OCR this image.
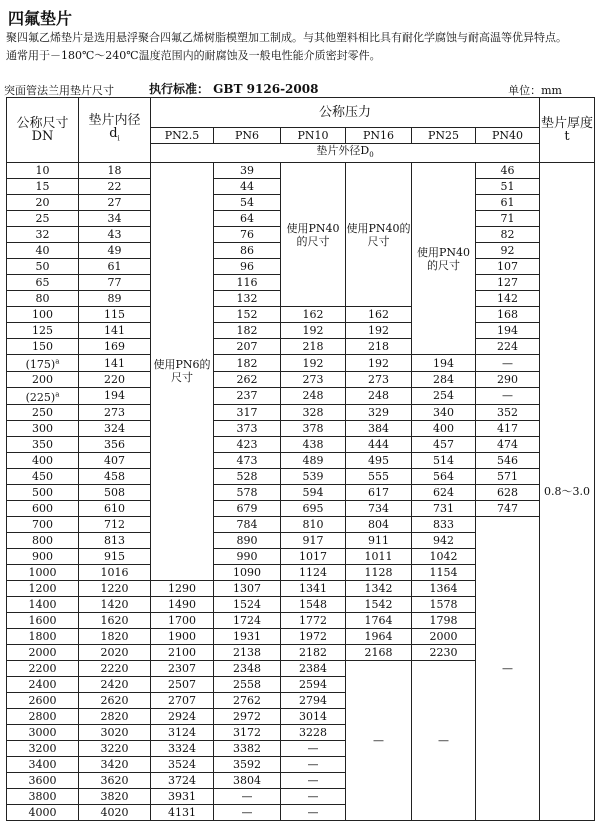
四氟垫片
聚四氟乙烯垫片是选用悬浮聚合四氟乙烯树脂模塑加工制成。与其他塑料相比具有耐化学腐蚀与耐高温等优异特点。
通常用于－180℃～240℃温度范围内的耐腐蚀及一般电性能介质密封零件。
突面管法兰用垫片尺寸	执行标准： GBT 9126-2008	单位：mm
公称尺寸
DN	垫片内径
$d_i$	公称压力						垫片厚度
t

		PN2.5	PN6	PN10	PN16	PN25	PN40	
		垫片外径$D_0$
10	18	使用PN6的尺寸	39	使用PN40的尺寸	使用PN40的尺寸	使用PN40的尺寸	46	0.8～3.0
15	22		44				51	
20	27		54				61	
25	34		64				71	
32	43		76				82	
40	49		86				92	
50	61		96				107	
65	77		116				127	
80	89		132				142	
100	115		152	162	162		168	
125	141		182	192	192		194	
150	169		207	218	218		224	
$(175)^a$	141		182	192	192	194	—	
200	220		262	273	273	284	290	
$(225)^a$	194		237	248	248	254	—	
250	273		317	328	329	340	352	
300	324		373	378	384	400	417	
350	356		423	438	444	457	474	
400	407		473	489	495	514	546	
450	458		528	539	555	564	571	
500	508		578	594	617	624	628	
600	610		679	695	734	731	747	
700	712		784	810	804	833	—	
800	813		890	917	911	942		
900	915		990	1017	1011	1042		
1000	1016		1090	1124	1128	1154		
1200	1220	1290	1307	1341	1342	1364		
1400	1420	1490	1524	1548	1542	1578		
1600	1620	1700	1724	1772	1764	1798		
1800	1820	1900	1931	1972	1964	2000		
2000	2020	2100	2138	2182	2168	2230		
2200	2220	2307	2348	2384	—	—		
2400	2420	2507	2558	2594				
2600	2620	2707	2762	2794				
2800	2820	2924	2972	3014				
3000	3020	3124	3172	3228				
3200	3220	3324	3382	—				
3400	3420	3524	3592	—				
3600	3620	3724	3804	—				
3800	3820	3931	—	—				
4000	4020	4131	—	—				
